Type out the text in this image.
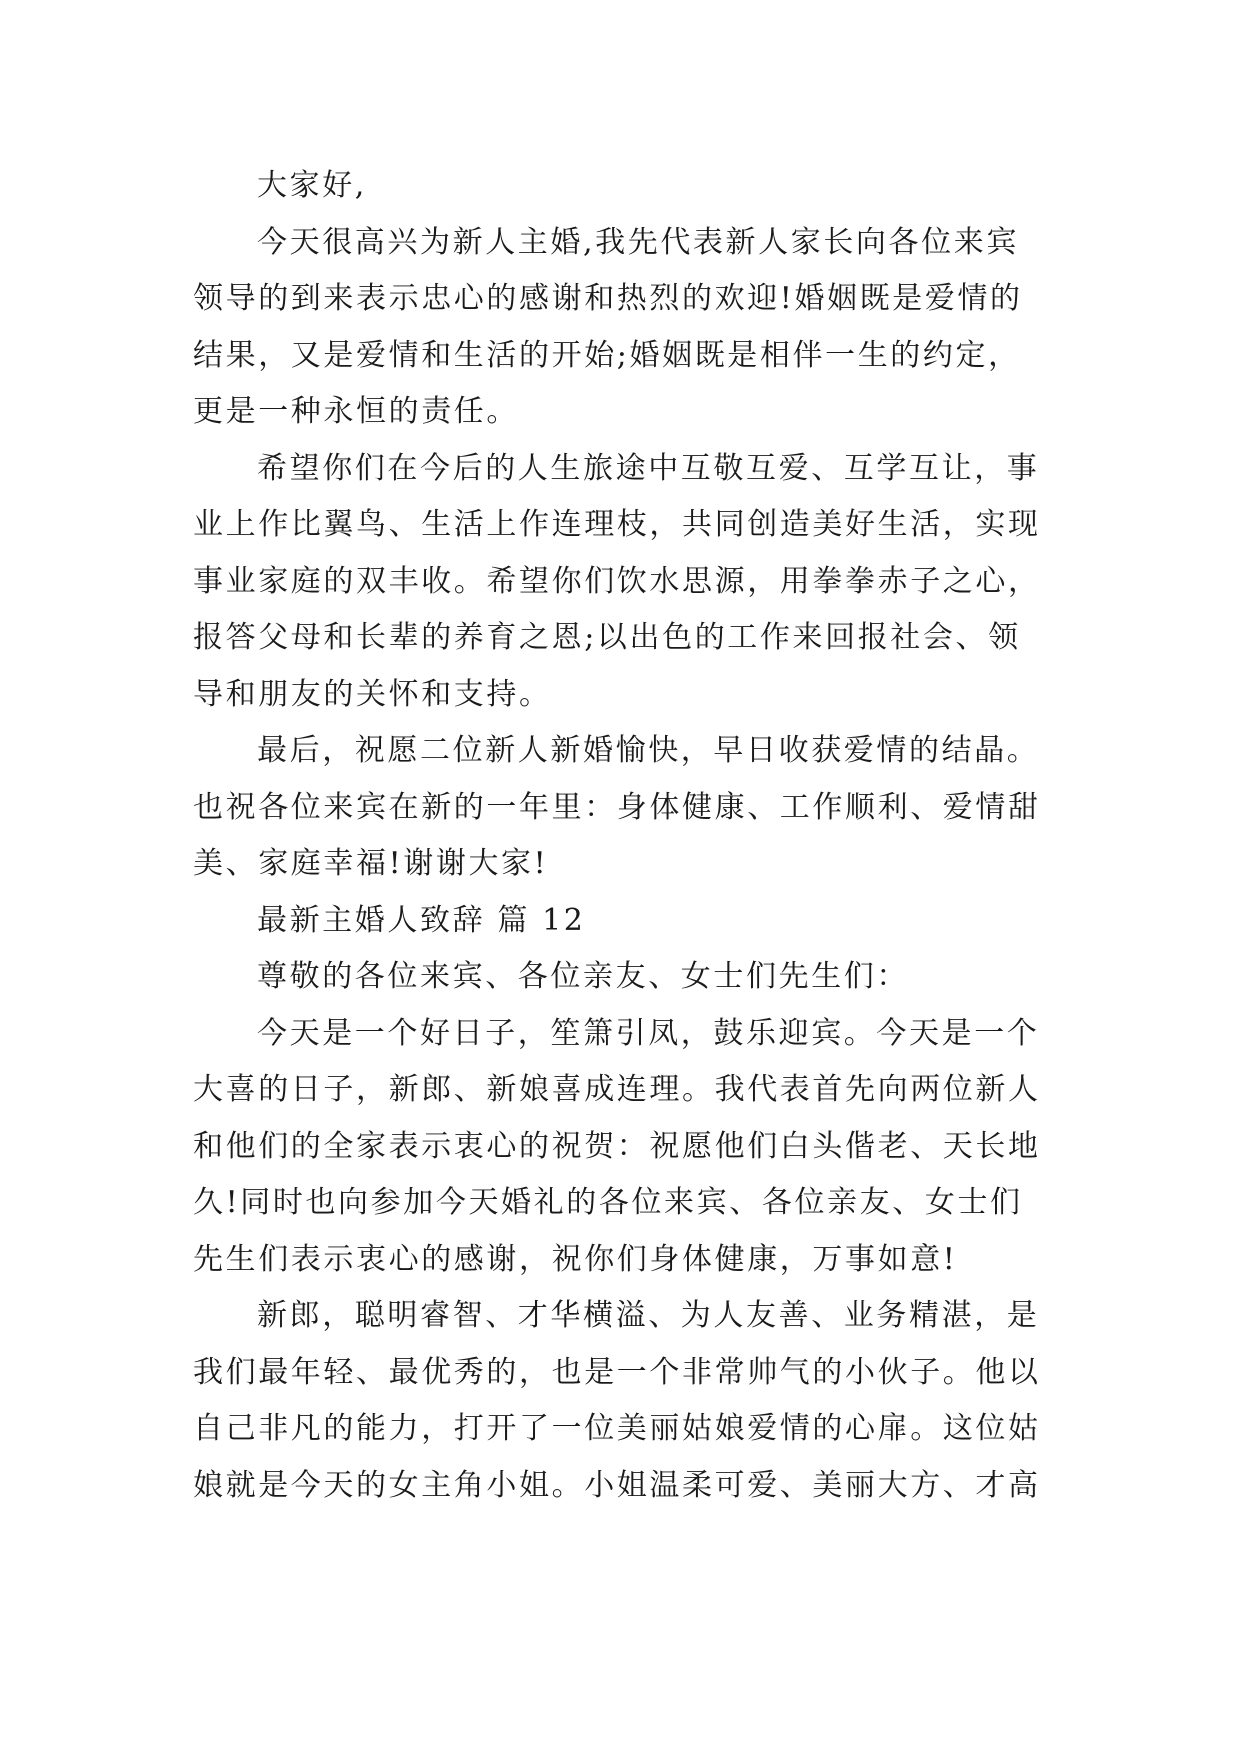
大家好,
今天很高兴为新人主婚,我先代表新人家长向各位来宾
领导的到来表示忠心的感谢和热烈的欢迎!婚姻既是爱情的
结果，又是爱情和生活的开始;婚姻既是相伴一生的约定，
更是一种永恒的责任。
希望你们在今后的人生旅途中互敬互爱、互学互让，事
业上作比翼鸟、生活上作连理枝，共同创造美好生活，实现
事业家庭的双丰收。希望你们饮水思源，用拳拳赤子之心，
报答父母和长辈的养育之恩;以出色的工作来回报社会、领
导和朋友的关怀和支持。
最后，祝愿二位新人新婚愉快，早日收获爱情的结晶。
也祝各位来宾在新的一年里：身体健康、工作顺利、爱情甜
美、家庭幸福!谢谢大家!
最新主婚人致辞 篇 12
尊敬的各位来宾、各位亲友、女士们先生们：
今天是一个好日子，笙箫引凤，鼓乐迎宾。今天是一个
大喜的日子，新郎、新娘喜成连理。我代表首先向两位新人
和他们的全家表示衷心的祝贺：祝愿他们白头偕老、天长地
久!同时也向参加今天婚礼的各位来宾、各位亲友、女士们
先生们表示衷心的感谢，祝你们身体健康，万事如意!
新郎，聪明睿智、才华横溢、为人友善、业务精湛，是
我们最年轻、最优秀的，也是一个非常帅气的小伙子。他以
自己非凡的能力，打开了一位美丽姑娘爱情的心扉。这位姑
娘就是今天的女主角小姐。小姐温柔可爱、美丽大方、才高
